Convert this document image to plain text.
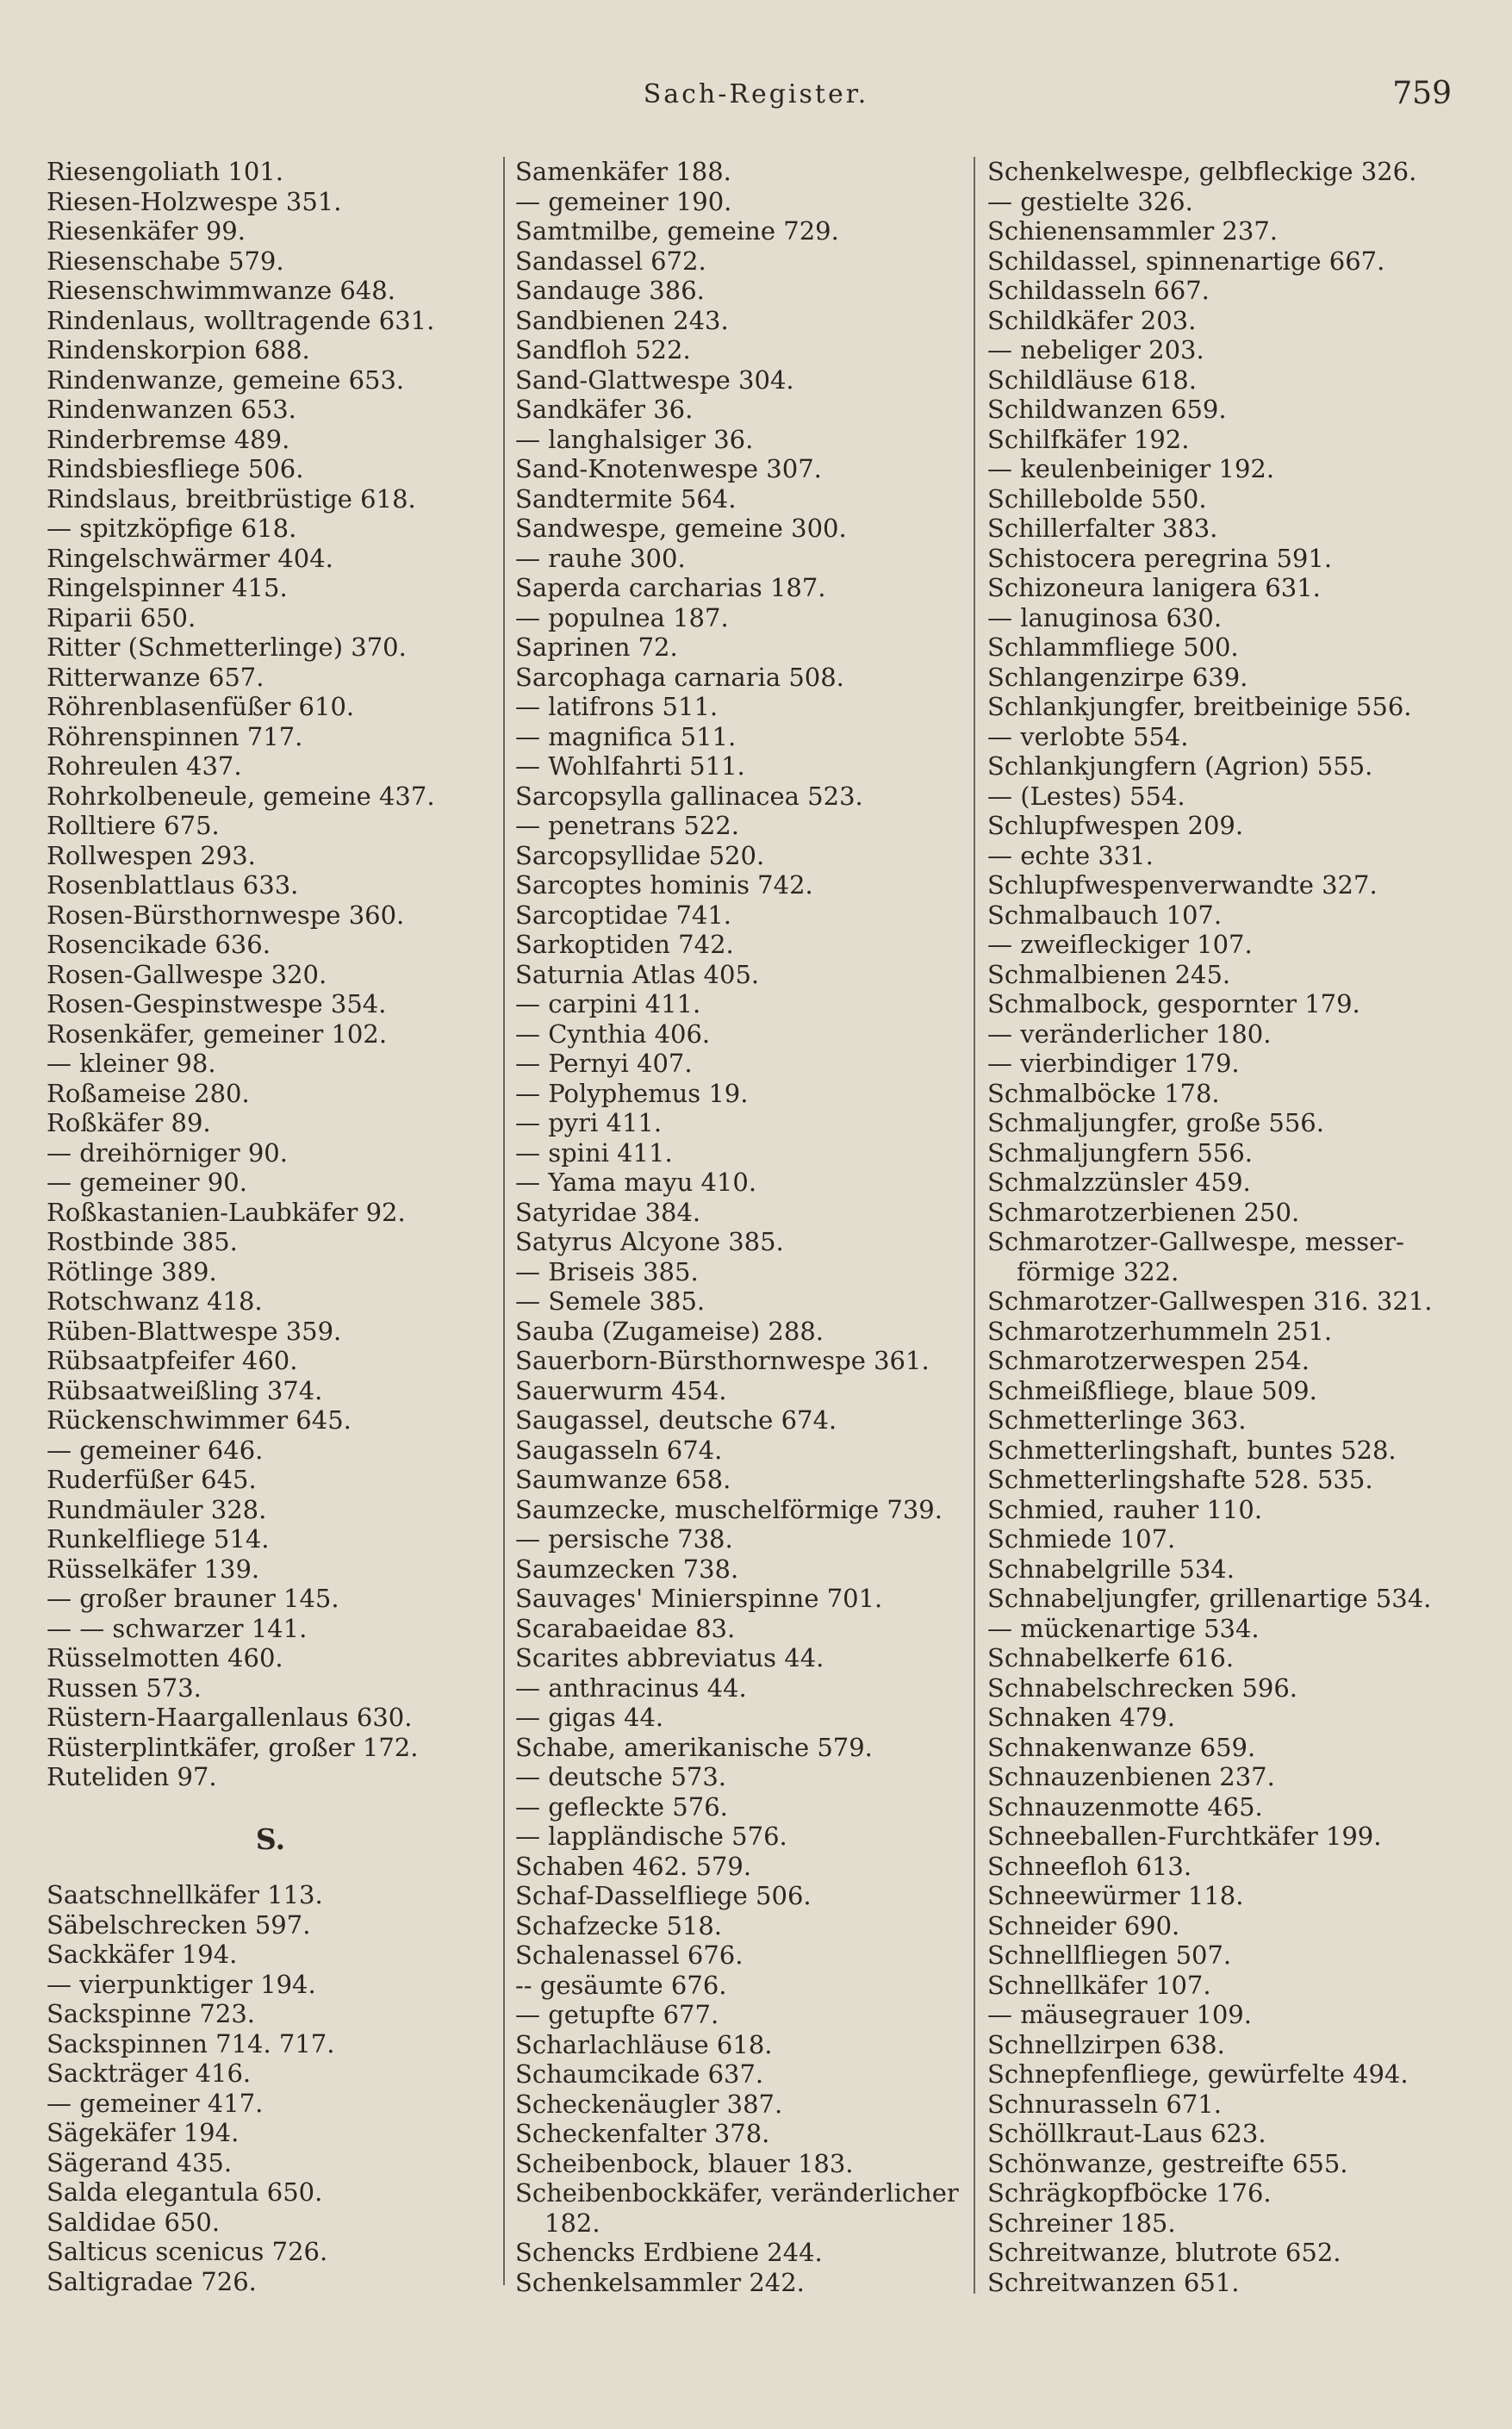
Sach-Register.	759
Riesengoliath 101.
Riesen-Holzwespe 351.
Riesenkäfer 99.
Riesenschabe 579.
Riesenschwimmwanze 648.
Rindenlaus, wolltragende 631.
Rindenskorpion 688.
Rindenwanze, gemeine 653.
Rindenwanzen 653.
Rinderbremse 489.
Rindsbiesfliege 506.
Rindslaus, breitbrüstige 618.
— spitzköpfige 618.
Ringelschwärmer 404.
Ringelspinner 415.
Riparii 650.
Ritter (Schmetterlinge) 370.
Ritterwanze 657.
Röhrenblasenfüßer 610.
Röhrenspinnen 717.
Rohreulen 437.
Rohrkolbeneule, gemeine 437.
Rolltiere 675.
Rollwespen 293.
Rosenblattlaus 633.
Rosen-Bürsthornwespe 360.
Rosencikade 636.
Rosen-Gallwespe 320.
Rosen-Gespinstwespe 354.
Rosenkäfer, gemeiner 102.
— kleiner 98.
Roßameise 280.
Roßkäfer 89.
— dreihörniger 90.
— gemeiner 90.
Roßkastanien-Laubkäfer 92.
Rostbinde 385.
Rötlinge 389.
Rotschwanz 418.
Rüben-Blattwespe 359.
Rübsaatpfeifer 460.
Rübsaatweißling 374.
Rückenschwimmer 645.
— gemeiner 646.
Ruderfüßer 645.
Rundmäuler 328.
Runkelfliege 514.
Rüsselkäfer 139.
— großer brauner 145.
— — schwarzer 141.
Rüsselmotten 460.
Russen 573.
Rüstern-Haargallenlaus 630.
Rüsterplintkäfer, großer 172.
Ruteliden 97.
S.
Saatschnellkäfer 113.
Säbelschrecken 597.
Sackkäfer 194.
— vierpunktiger 194.
Sackspinne 723.
Sackspinnen 714. 717.
Sackträger 416.
— gemeiner 417.
Sägekäfer 194.
Sägerand 435.
Salda elegantula 650.
Saldidae 650.
Salticus scenicus 726.
Saltigradae 726.
Samenkäfer 188.
— gemeiner 190.
Samtmilbe, gemeine 729.
Sandassel 672.
Sandauge 386.
Sandbienen 243.
Sandfloh 522.
Sand-Glattwespe 304.
Sandkäfer 36.
— langhalsiger 36.
Sand-Knotenwespe 307.
Sandtermite 564.
Sandwespe, gemeine 300.
— rauhe 300.
Saperda carcharias 187.
— populnea 187.
Saprinen 72.
Sarcophaga carnaria 508.
— latifrons 511.
— magnifica 511.
— Wohlfahrti 511.
Sarcopsylla gallinacea 523.
— penetrans 522.
Sarcopsyllidae 520.
Sarcoptes hominis 742.
Sarcoptidae 741.
Sarkoptiden 742.
Saturnia Atlas 405.
— carpini 411.
— Cynthia 406.
— Pernyi 407.
— Polyphemus 19.
— pyri 411.
— spini 411.
— Yama mayu 410.
Satyridae 384.
Satyrus Alcyone 385.
— Briseis 385.
— Semele 385.
Sauba (Zugameise) 288.
Sauerborn-Bürsthornwespe 361.
Sauerwurm 454.
Saugassel, deutsche 674.
Saugasseln 674.
Saumwanze 658.
Saumzecke, muschelförmige 739.
— persische 738.
Saumzecken 738.
Sauvages' Minierspinne 701.
Scarabaeidae 83.
Scarites abbreviatus 44.
— anthracinus 44.
— gigas 44.
Schabe, amerikanische 579.
— deutsche 573.
— gefleckte 576.
— lappländische 576.
Schaben 462. 579.
Schaf-Dasselfliege 506.
Schafzecke 518.
Schalenassel 676.
-- gesäumte 676.
— getupfte 677.
Scharlachläuse 618.
Schaumcikade 637.
Scheckenäugler 387.
Scheckenfalter 378.
Scheibenbock, blauer 183.
Scheibenbockkäfer, veränderlicher
182.
Schencks Erdbiene 244.
Schenkelsammler 242.
Schenkelwespe, gelbfleckige 326.
— gestielte 326.
Schienensammler 237.
Schildassel, spinnenartige 667.
Schildasseln 667.
Schildkäfer 203.
— nebeliger 203.
Schildläuse 618.
Schildwanzen 659.
Schilfkäfer 192.
— keulenbeiniger 192.
Schillebolde 550.
Schillerfalter 383.
Schistocera peregrina 591.
Schizoneura lanigera 631.
— lanuginosa 630.
Schlammfliege 500.
Schlangenzirpe 639.
Schlankjungfer, breitbeinige 556.
— verlobte 554.
Schlankjungfern (Agrion) 555.
— (Lestes) 554.
Schlupfwespen 209.
— echte 331.
Schlupfwespenverwandte 327.
Schmalbauch 107.
— zweifleckiger 107.
Schmalbienen 245.
Schmalbock, gespornter 179.
— veränderlicher 180.
— vierbindiger 179.
Schmalböcke 178.
Schmaljungfer, große 556.
Schmaljungfern 556.
Schmalzzünsler 459.
Schmarotzerbienen 250.
Schmarotzer-Gallwespe, messer-
förmige 322.
Schmarotzer-Gallwespen 316. 321.
Schmarotzerhummeln 251.
Schmarotzerwespen 254.
Schmeißfliege, blaue 509.
Schmetterlinge 363.
Schmetterlingshaft, buntes 528.
Schmetterlingshafte 528. 535.
Schmied, rauher 110.
Schmiede 107.
Schnabelgrille 534.
Schnabeljungfer, grillenartige 534.
— mückenartige 534.
Schnabelkerfe 616.
Schnabelschrecken 596.
Schnaken 479.
Schnakenwanze 659.
Schnauzenbienen 237.
Schnauzenmotte 465.
Schneeballen-Furchtkäfer 199.
Schneefloh 613.
Schneewürmer 118.
Schneider 690.
Schnellfliegen 507.
Schnellkäfer 107.
— mäusegrauer 109.
Schnellzirpen 638.
Schnepfenfliege, gewürfelte 494.
Schnurasseln 671.
Schöllkraut-Laus 623.
Schönwanze, gestreifte 655.
Schrägkopfböcke 176.
Schreiner 185.
Schreitwanze, blutrote 652.
Schreitwanzen 651.
